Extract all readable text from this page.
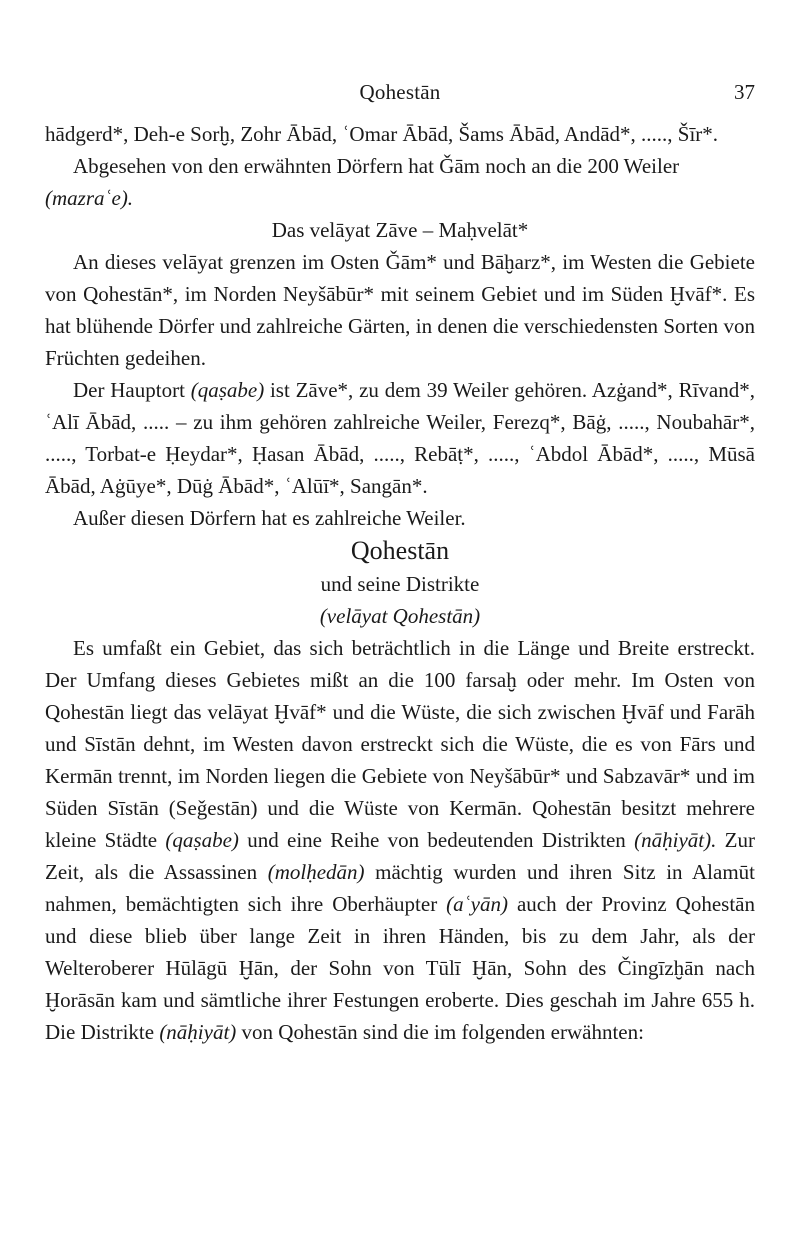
Qohestān	37

hādgerd*, Deh-e Sorḫ, Zohr Ābād, ʿOmar Ābād, Šams Ābād, Andād*, ....., Šīr*.

Abgesehen von den erwähnten Dörfern hat Ǧām noch an die 200 Weiler
(mazraʿe).

Das velāyat Zāve – Maḥvelāt*

An dieses velāyat grenzen im Osten Ǧām* und Bāḫarz*, im Westen die Gebiete von Qohestān*, im Norden Neyšābūr* mit seinem Gebiet und im Süden Ḫvāf*. Es hat blühende Dörfer und zahlreiche Gärten, in denen die verschiedensten Sorten von Früchten gedeihen.

Der Hauptort (qaṣabe) ist Zāve*, zu dem 39 Weiler gehören. Azġand*, Rīvand*, ʿAlī Ābād, ..... – zu ihm gehören zahlreiche Weiler, Ferezq*, Bāġ, ....., Noubahār*, ....., Torbat-e Ḥeydar*, Ḥasan Ābād, ....., Rebāṭ*, ....., ʿAbdol Ābād*, ....., Mūsā Ābād, Aġūye*, Dūġ Ābād*, ʿAlūī*, Sangān*.

Außer diesen Dörfern hat es zahlreiche Weiler.

Qohestān

und seine Distrikte

(velāyat Qohestān)

Es umfaßt ein Gebiet, das sich beträchtlich in die Länge und Breite erstreckt. Der Umfang dieses Gebietes mißt an die 100 farsaḫ oder mehr. Im Osten von Qohestān liegt das velāyat Ḫvāf* und die Wüste, die sich zwischen Ḫvāf und Farāh und Sīstān dehnt, im Westen davon erstreckt sich die Wüste, die es von Fārs und Kermān trennt, im Norden liegen die Gebiete von Neyšābūr* und Sabzavār* und im Süden Sīstān (Seǧestān) und die Wüste von Kermān. Qohestān besitzt mehrere kleine Städte (qaṣabe) und eine Reihe von bedeutenden Distrikten (nāḥiyāt). Zur Zeit, als die Assassinen (molḥedān) mächtig wurden und ihren Sitz in Alamūt nahmen, bemächtigten sich ihre Oberhäupter (aʿyān) auch der Provinz Qohestān und diese blieb über lange Zeit in ihren Händen, bis zu dem Jahr, als der Welteroberer Hūlāgū Ḫān, der Sohn von Tūlī Ḫān, Sohn des Čingīzḫān nach Ḫorāsān kam und sämtliche ihrer Festungen eroberte. Dies geschah im Jahre 655 h. Die Distrikte (nāḥiyāt) von Qohestān sind die im folgenden erwähnten:
